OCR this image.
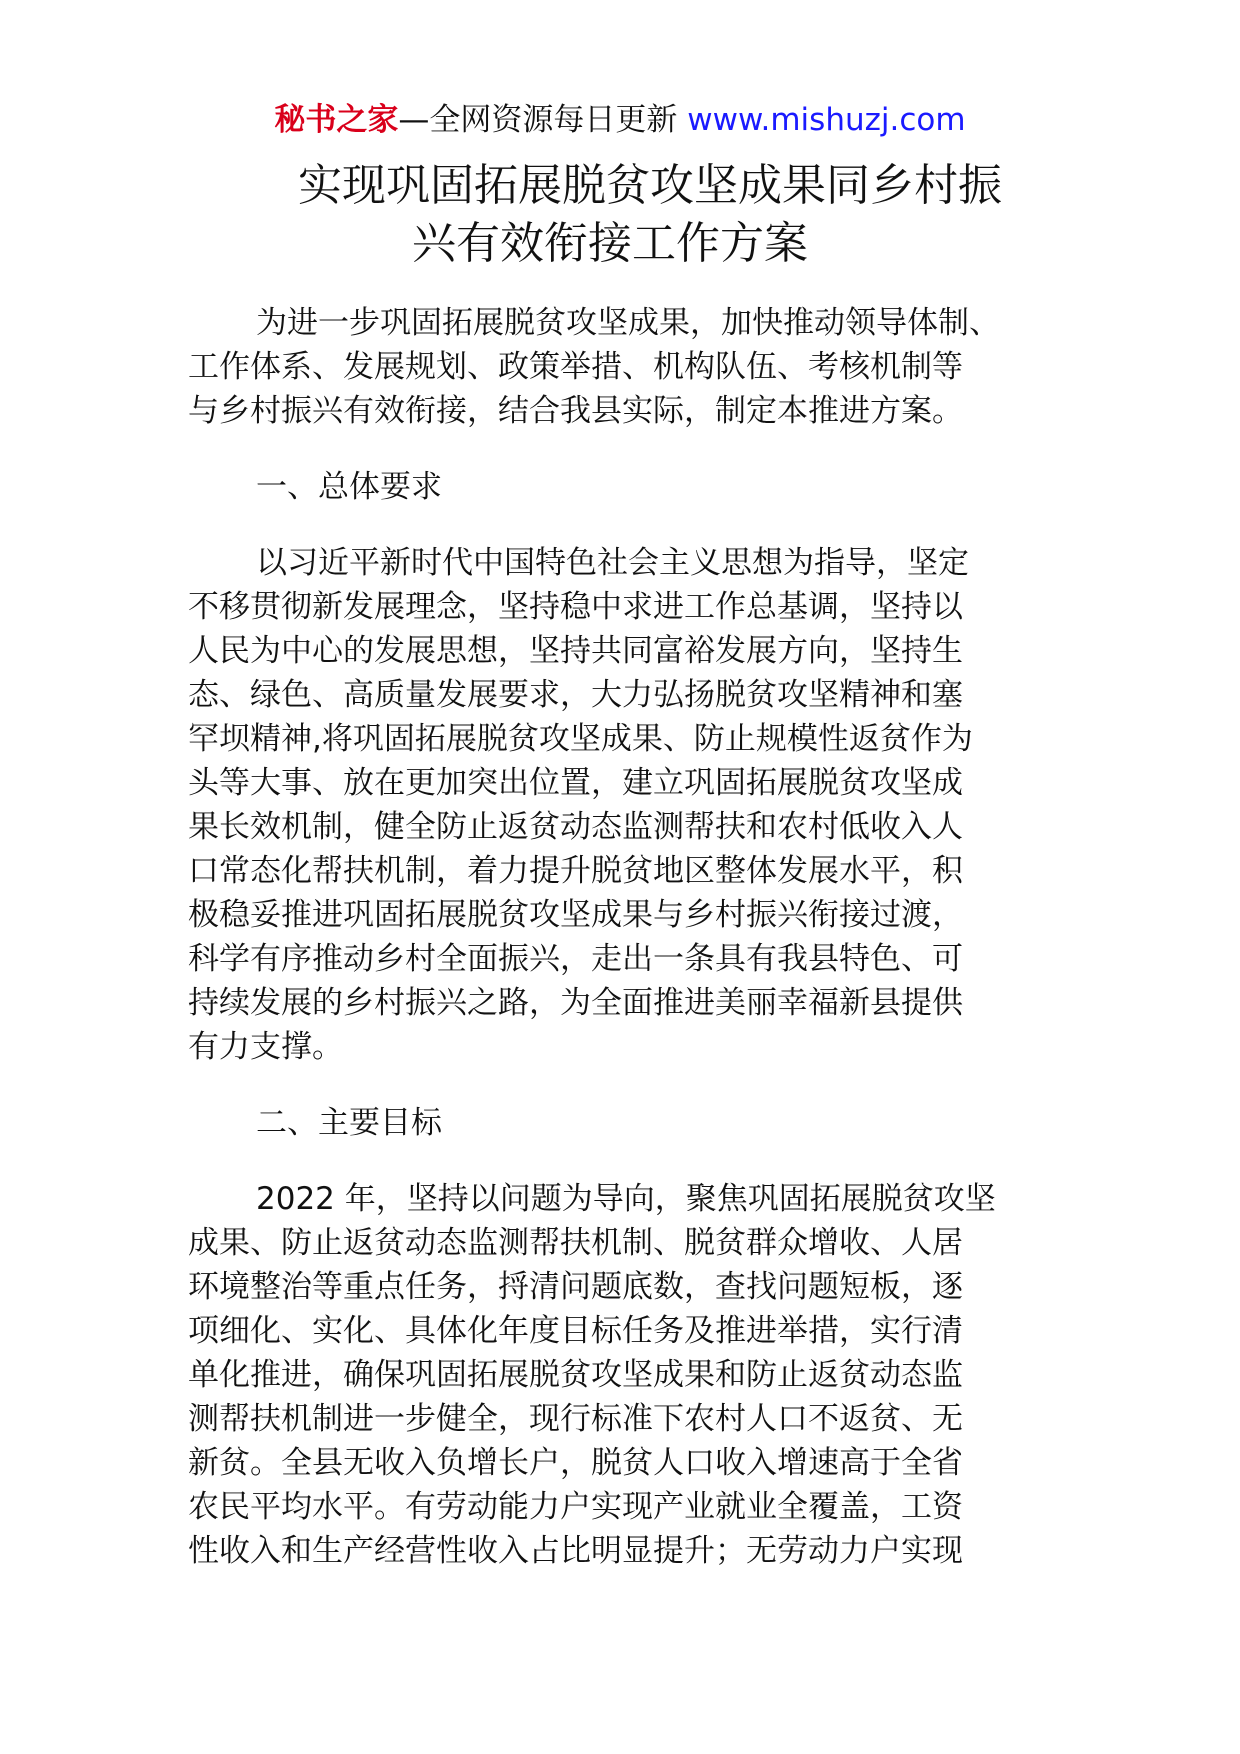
秘书之家—全网资源每日更新 www.mishuzj.com
实现巩固拓展脱贫攻坚成果同乡村振
兴有效衔接工作方案
为进一步巩固拓展脱贫攻坚成果，加快推动领导体制、
工作体系、发展规划、政策举措、机构队伍、考核机制等
与乡村振兴有效衔接，结合我县实际，制定本推进方案。
一、总体要求
以习近平新时代中国特色社会主义思想为指导，坚定
不移贯彻新发展理念，坚持稳中求进工作总基调，坚持以
人民为中心的发展思想，坚持共同富裕发展方向，坚持生
态、绿色、高质量发展要求，大力弘扬脱贫攻坚精神和塞
罕坝精神,将巩固拓展脱贫攻坚成果、防止规模性返贫作为
头等大事、放在更加突出位置，建立巩固拓展脱贫攻坚成
果长效机制，健全防止返贫动态监测帮扶和农村低收入人
口常态化帮扶机制，着力提升脱贫地区整体发展水平，积
极稳妥推进巩固拓展脱贫攻坚成果与乡村振兴衔接过渡，
科学有序推动乡村全面振兴，走出一条具有我县特色、可
持续发展的乡村振兴之路，为全面推进美丽幸福新县提供
有力支撑。
二、主要目标
2022 年，坚持以问题为导向，聚焦巩固拓展脱贫攻坚
成果、防止返贫动态监测帮扶机制、脱贫群众增收、人居
环境整治等重点任务，捋清问题底数，查找问题短板，逐
项细化、实化、具体化年度目标任务及推进举措，实行清
单化推进，确保巩固拓展脱贫攻坚成果和防止返贫动态监
测帮扶机制进一步健全，现行标准下农村人口不返贫、无
新贫。全县无收入负增长户，脱贫人口收入增速高于全省
农民平均水平。有劳动能力户实现产业就业全覆盖，工资
性收入和生产经营性收入占比明显提升；无劳动力户实现
